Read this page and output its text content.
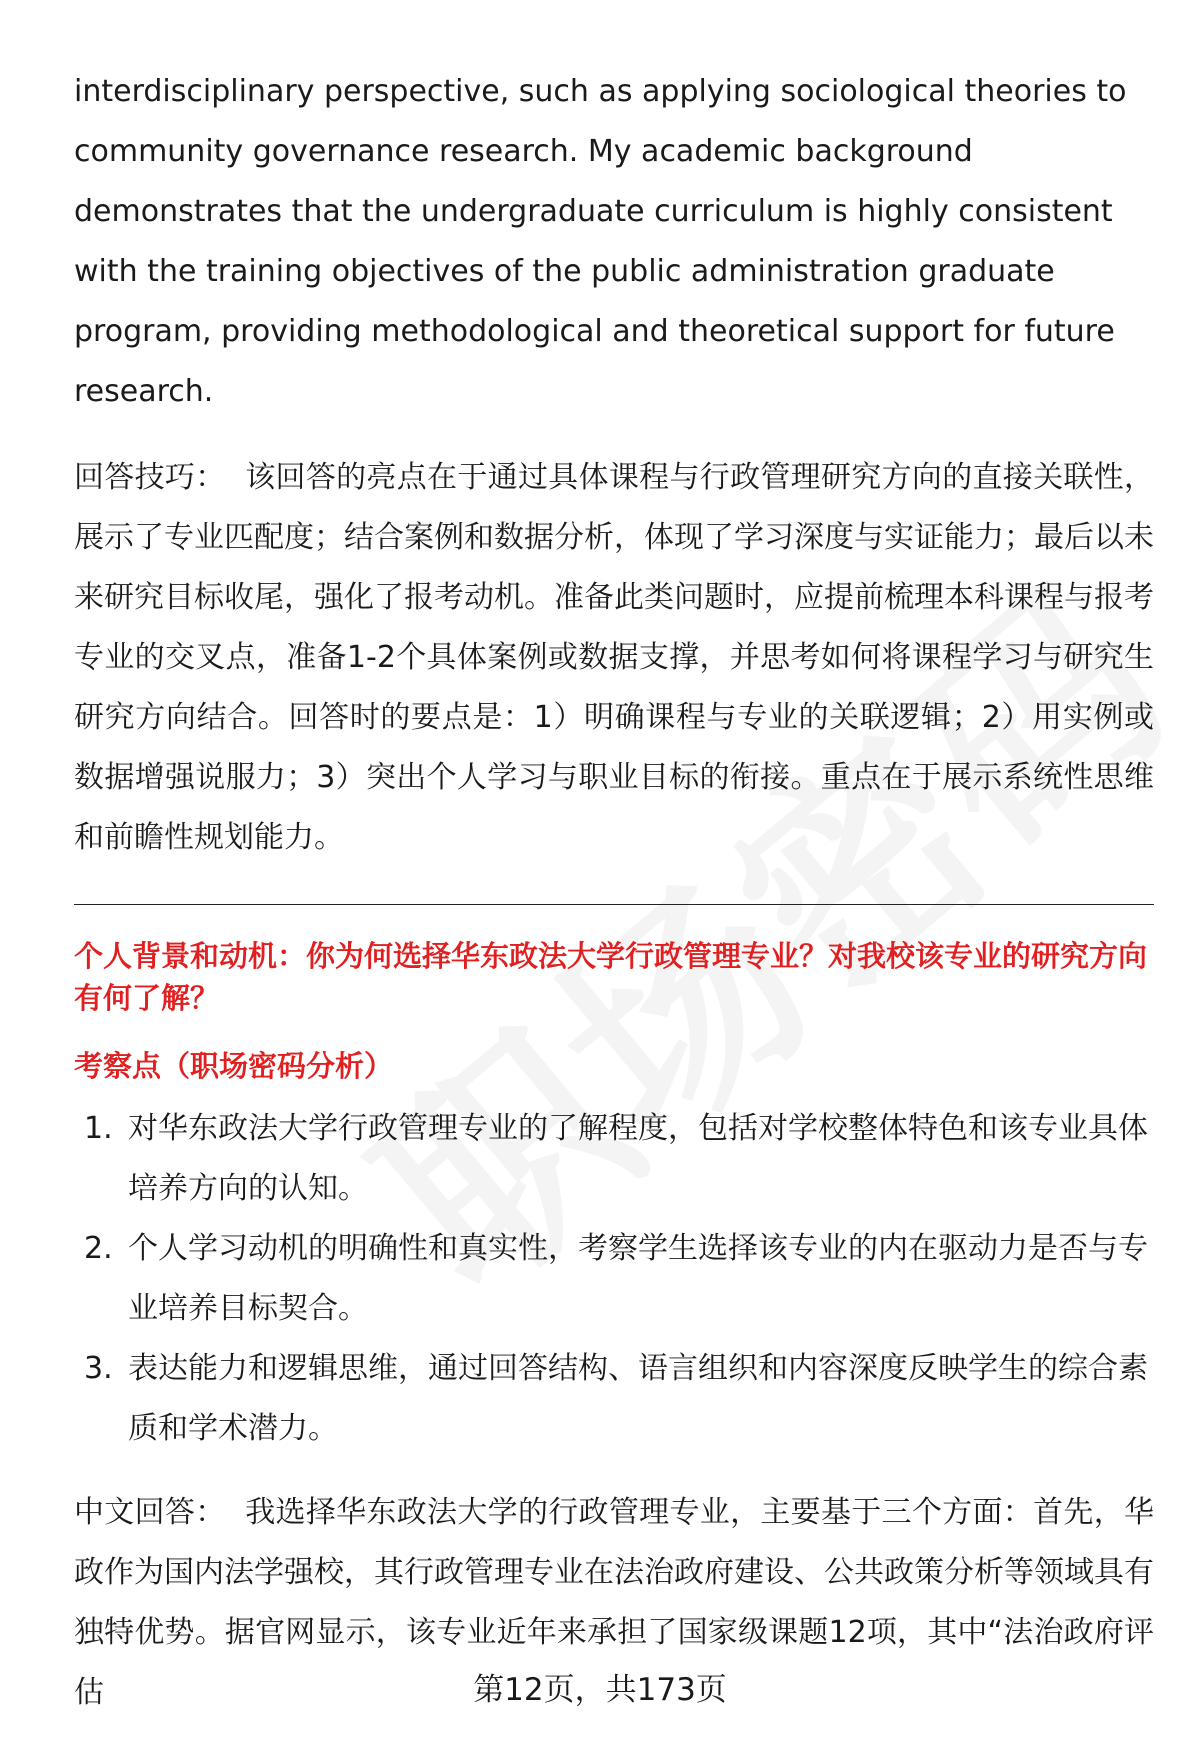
interdisciplinary perspective, such as applying sociological theories to community governance research. My academic background demonstrates that the undergraduate curriculum is highly consistent with the training objectives of the public administration graduate program, providing methodological and theoretical support for future research.

回答技巧： 该回答的亮点在于通过具体课程与行政管理研究方向的直接关联性，展示了专业匹配度；结合案例和数据分析，体现了学习深度与实证能力；最后以未来研究目标收尾，强化了报考动机。准备此类问题时，应提前梳理本科课程与报考专业的交叉点，准备1-2个具体案例或数据支撑，并思考如何将课程学习与研究生研究方向结合。回答时的要点是：1）明确课程与专业的关联逻辑；2）用实例或数据增强说服力；3）突出个人学习与职业目标的衔接。重点在于展示系统性思维和前瞻性规划能力。

个人背景和动机：你为何选择华东政法大学行政管理专业？对我校该专业的研究方向有何了解？

考察点（职场密码分析）

1. 对华东政法大学行政管理专业的了解程度，包括对学校整体特色和该专业具体培养方向的认知。
2. 个人学习动机的明确性和真实性，考察学生选择该专业的内在驱动力是否与专业培养目标契合。
3. 表达能力和逻辑思维，通过回答结构、语言组织和内容深度反映学生的综合素质和学术潜力。

中文回答： 我选择华东政法大学的行政管理专业，主要基于三个方面：首先，华政作为国内法学强校，其行政管理专业在法治政府建设、公共政策分析等领域具有独特优势。据官网显示，该专业近年来承担了国家级课题12项，其中“法治政府评估	第12页，共173页
